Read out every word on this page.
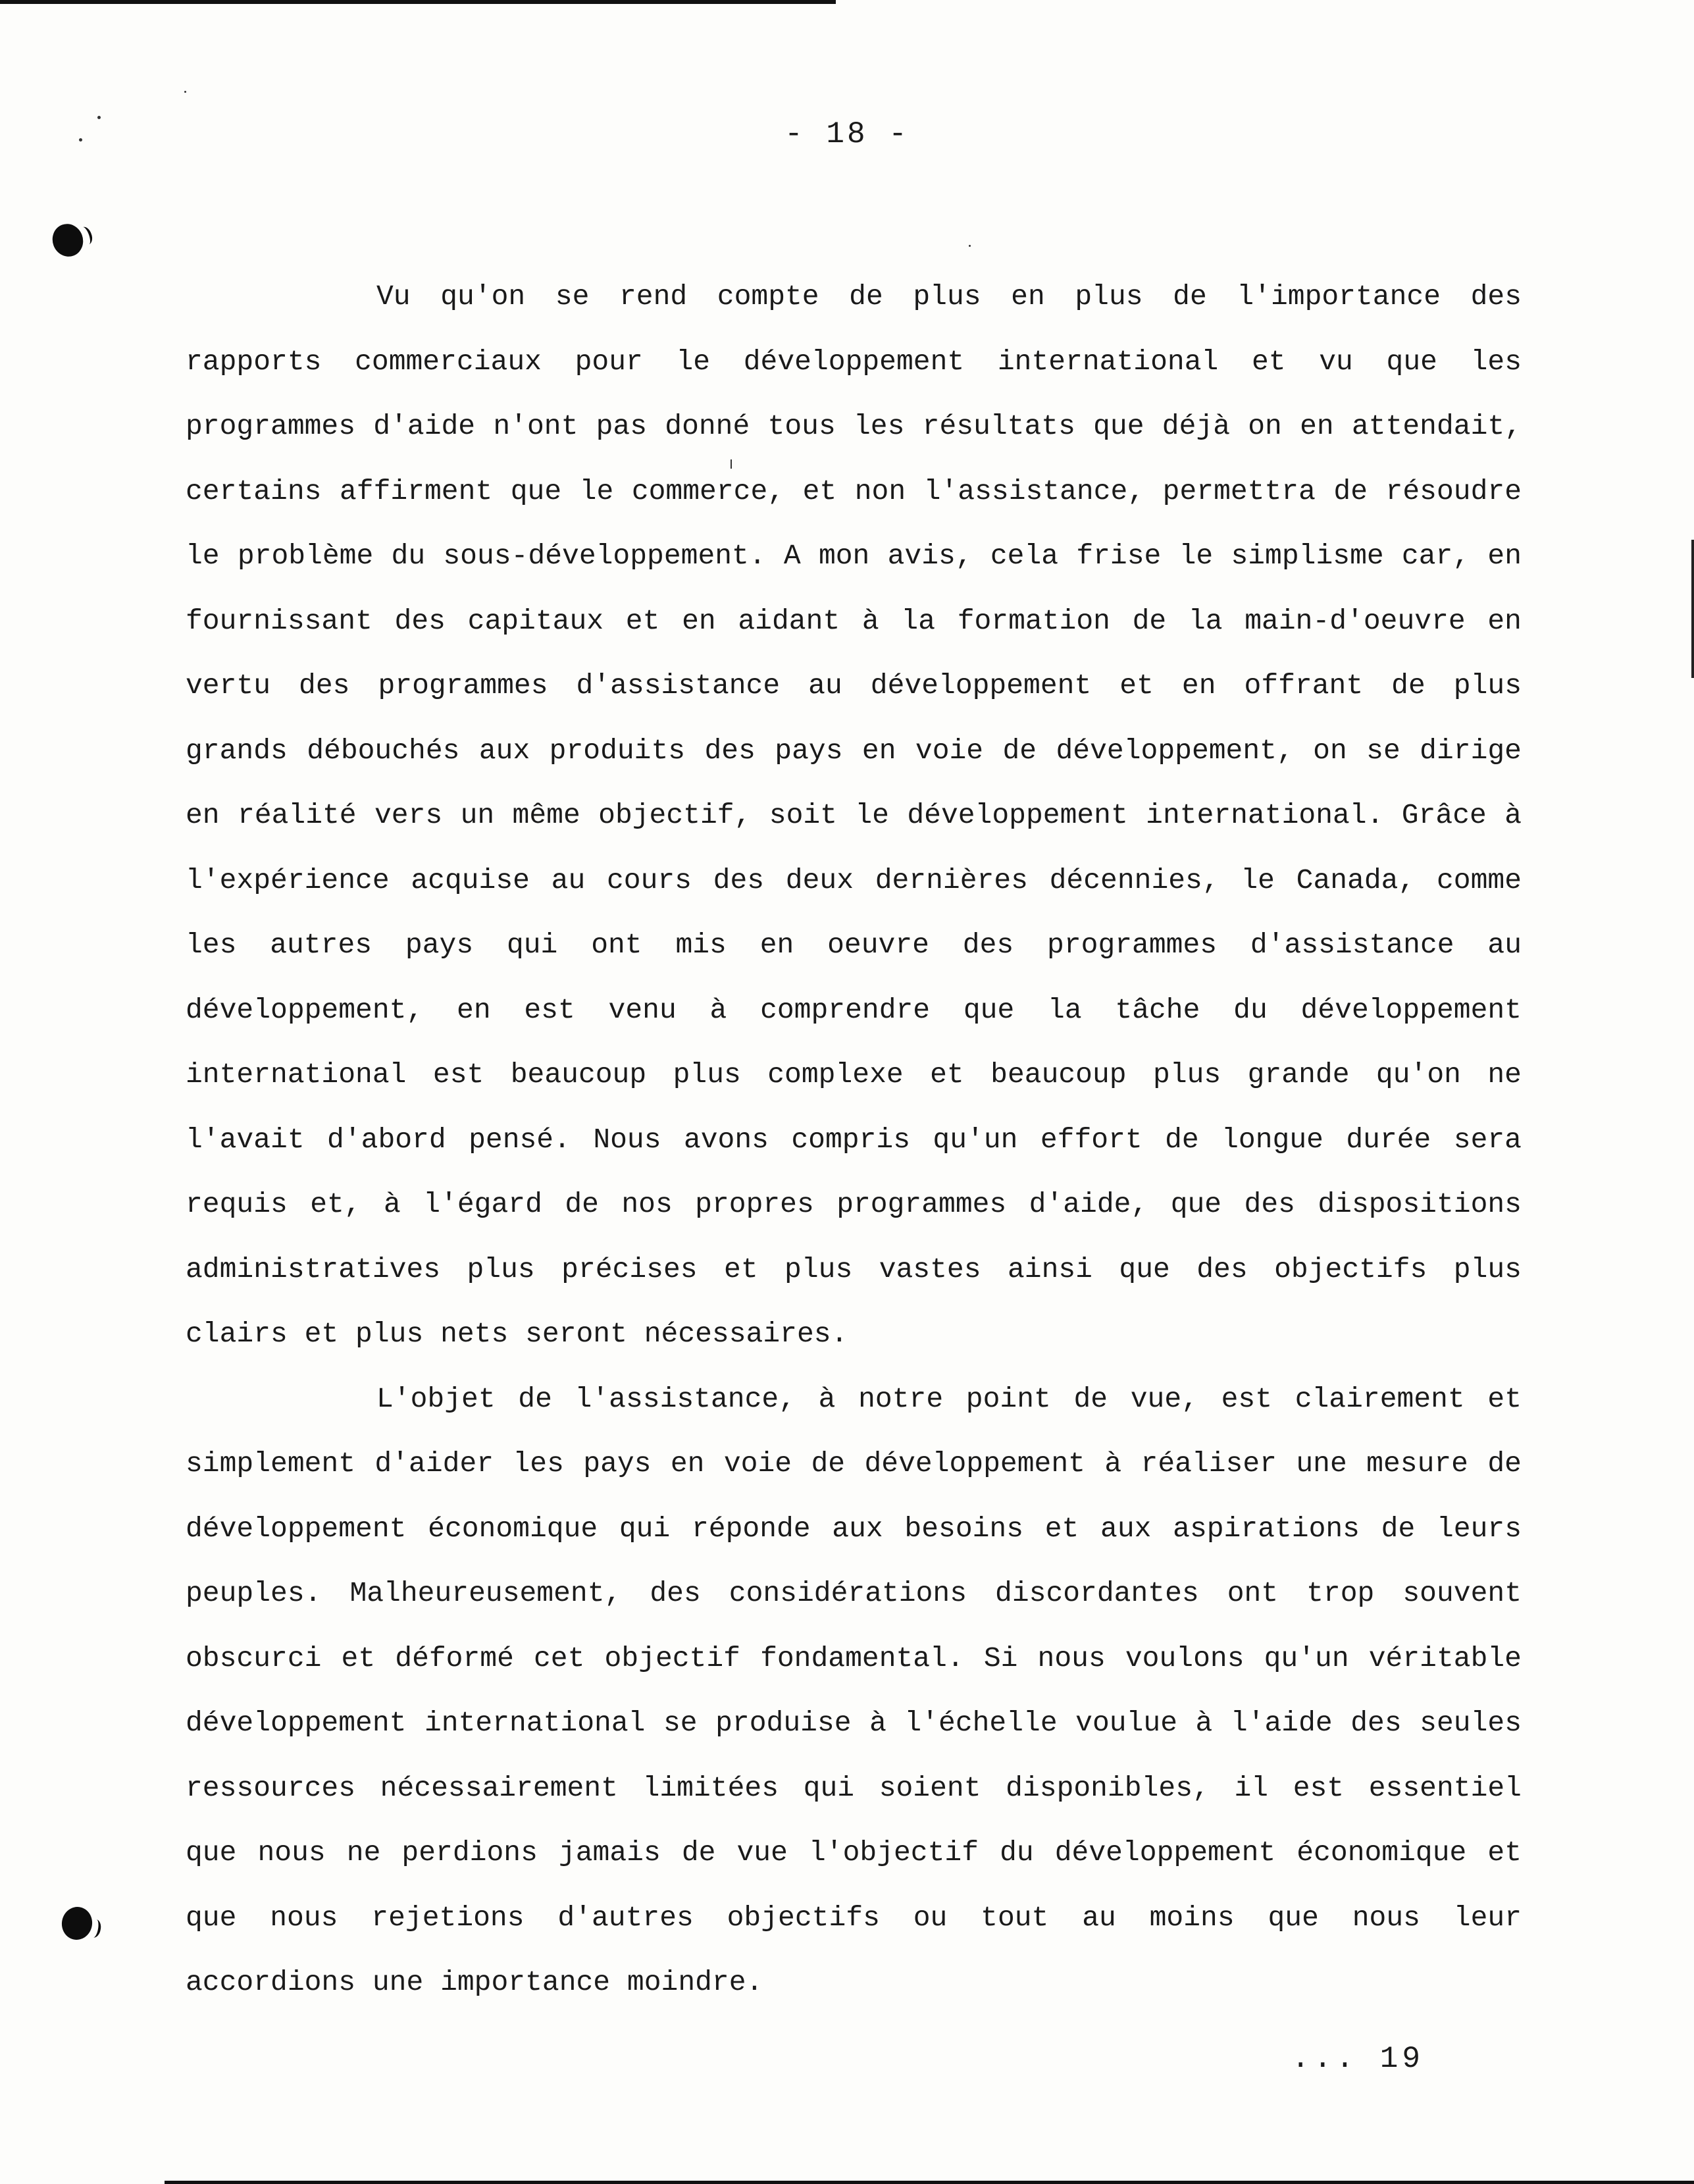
- 18 -

Vu qu'on se rend compte de plus en plus de l'importance des rapports commerciaux pour le développement international et vu que les programmes d'aide n'ont pas donné tous les résultats que déjà on en attendait, certains affirment que le commerce, et non l'assistance, permettra de résoudre le problème du sous-développement. A mon avis, cela frise le simplisme car, en fournissant des capitaux et en aidant à la formation de la main-d'oeuvre en vertu des programmes d'assistance au développement et en offrant de plus grands débouchés aux produits des pays en voie de développement, on se dirige en réalité vers un même objectif, soit le développement international. Grâce à l'expérience acquise au cours des deux dernières décennies, le Canada, comme les autres pays qui ont mis en oeuvre des programmes d'assistance au développement, en est venu à comprendre que la tâche du développement international est beaucoup plus complexe et beaucoup plus grande qu'on ne l'avait d'abord pensé. Nous avons compris qu'un effort de longue durée sera requis et, à l'égard de nos propres programmes d'aide, que des dispositions administratives plus précises et plus vastes ainsi que des objectifs plus clairs et plus nets seront nécessaires.

L'objet de l'assistance, à notre point de vue, est clairement et simplement d'aider les pays en voie de développement à réaliser une mesure de développement économique qui réponde aux besoins et aux aspirations de leurs peuples. Malheureusement, des considérations discordantes ont trop souvent obscurci et déformé cet objectif fondamental. Si nous voulons qu'un véritable développement international se produise à l'échelle voulue à l'aide des seules ressources nécessairement limitées qui soient disponibles, il est essentiel que nous ne perdions jamais de vue l'objectif du développement économique et que nous rejetions d'autres objectifs ou tout au moins que nous leur accordions une importance moindre.

... 19
